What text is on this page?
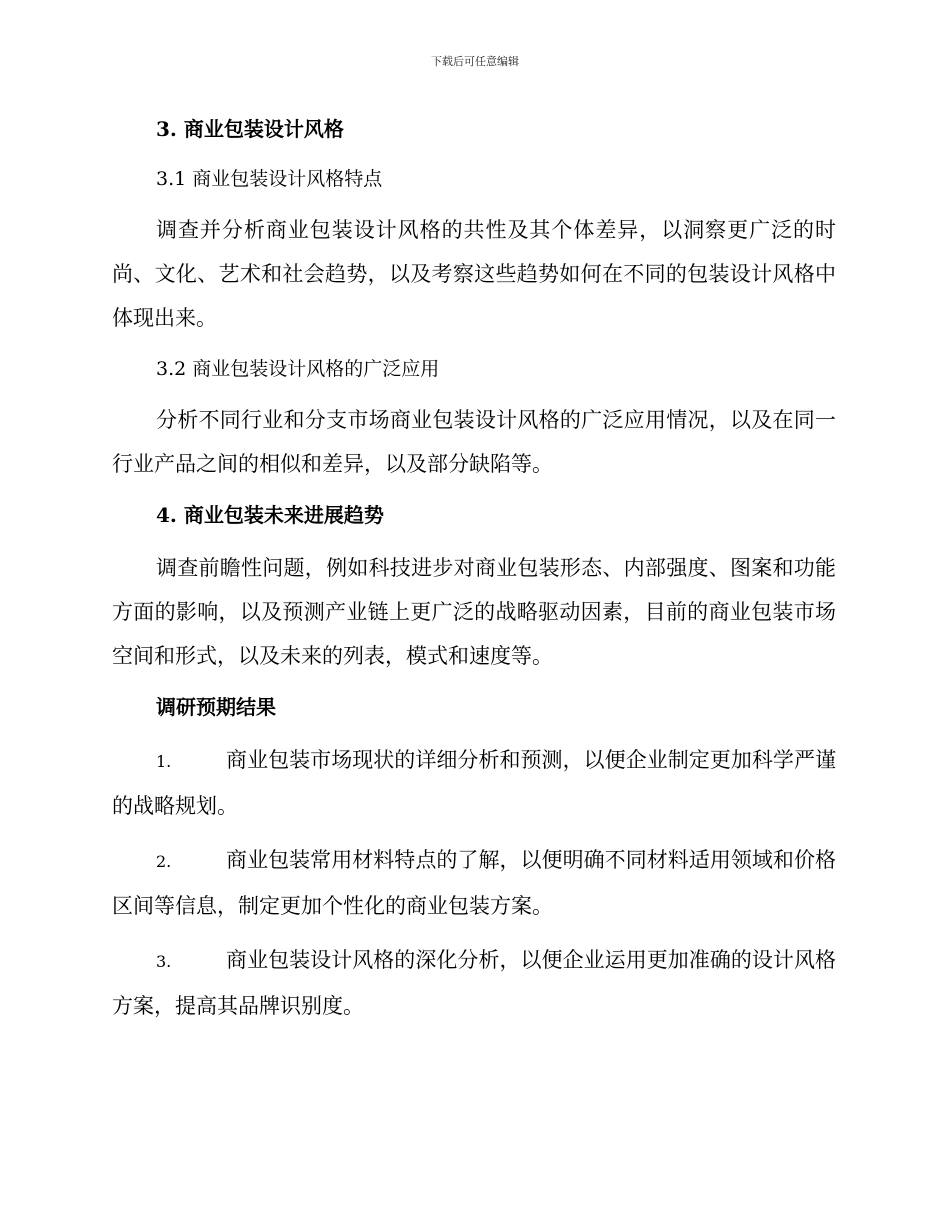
下载后可任意编辑

3. 商业包装设计风格

3.1 商业包装设计风格特点

调查并分析商业包装设计风格的共性及其个体差异，以洞察更广泛的时尚、文化、艺术和社会趋势，以及考察这些趋势如何在不同的包装设计风格中体现出来。

3.2 商业包装设计风格的广泛应用

分析不同行业和分支市场商业包装设计风格的广泛应用情况，以及在同一行业产品之间的相似和差异，以及部分缺陷等。

4. 商业包装未来进展趋势

调查前瞻性问题，例如科技进步对商业包装形态、内部强度、图案和功能方面的影响，以及预测产业链上更广泛的战略驱动因素，目前的商业包装市场空间和形式，以及未来的列表，模式和速度等。

调研预期结果

1.	商业包装市场现状的详细分析和预测，以便企业制定更加科学严谨的战略规划。

2.	商业包装常用材料特点的了解，以便明确不同材料适用领域和价格区间等信息，制定更加个性化的商业包装方案。

3.	商业包装设计风格的深化分析，以便企业运用更加准确的设计风格方案，提高其品牌识别度。
